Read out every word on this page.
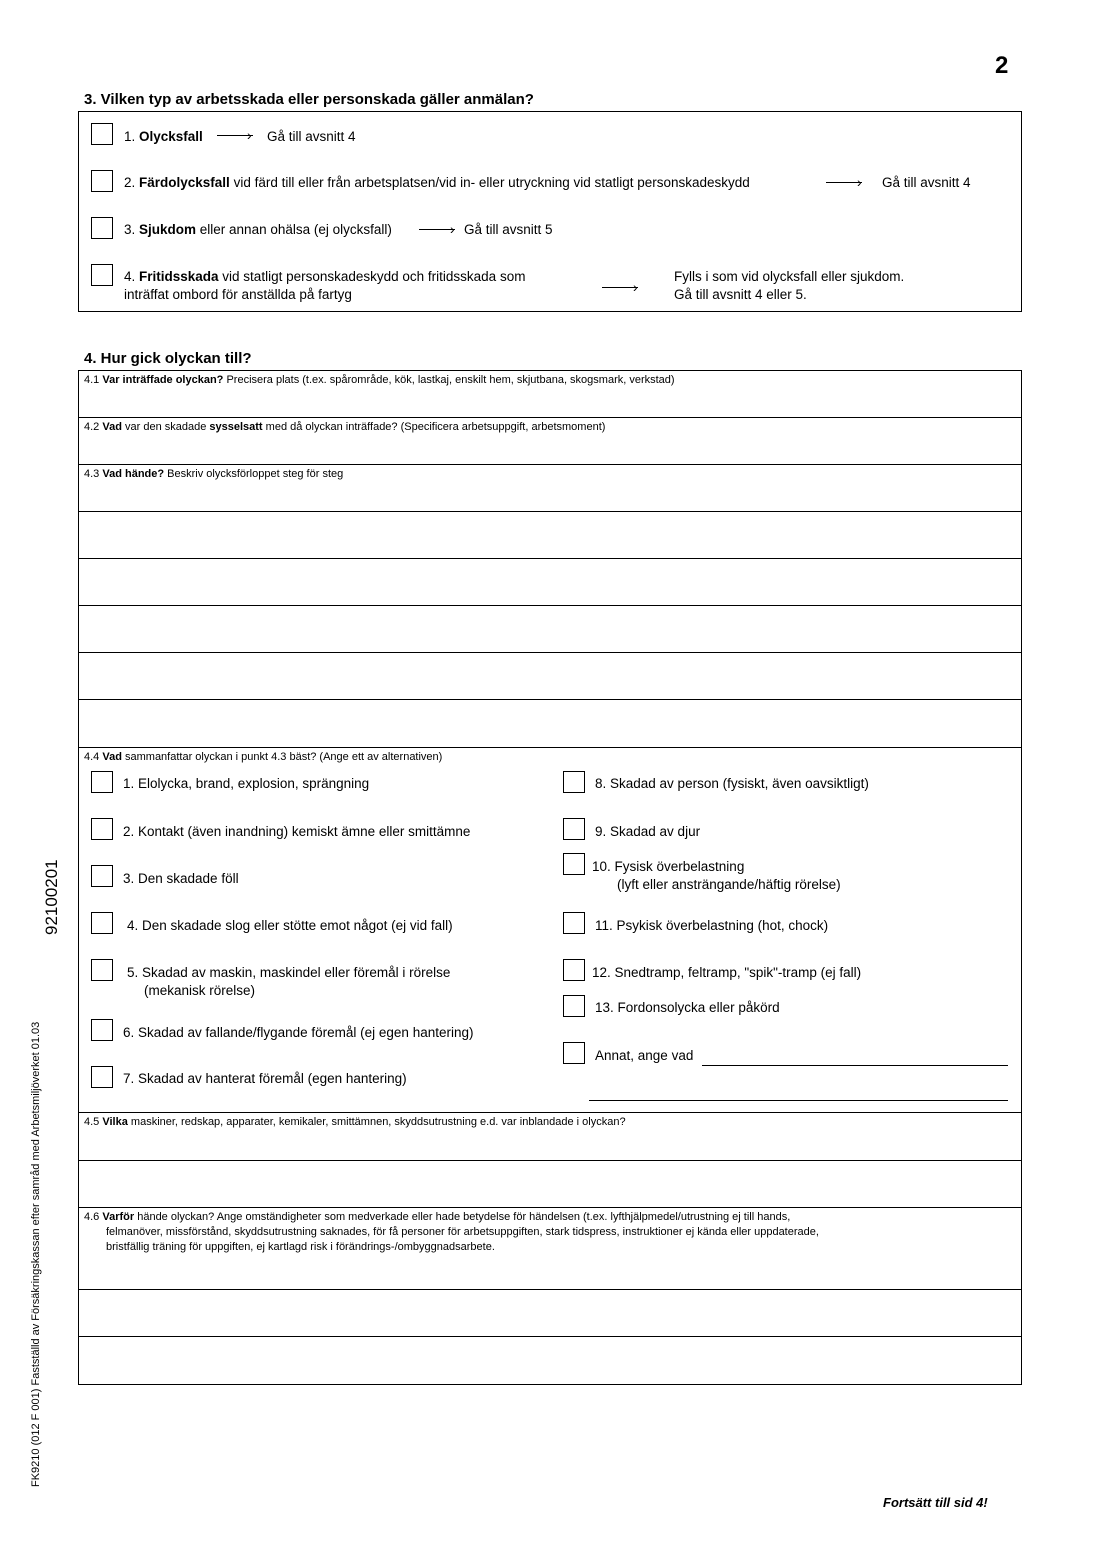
2
3. Vilken typ av arbetsskada eller personskada gäller anmälan?
1. Olycksfall	› Gå till avsnitt 4
2. Färdolycksfall vid färd till eller från arbetsplatsen/vid in- eller utryckning vid statligt personskadeskydd	› Gå till avsnitt 4
3. Sjukdom eller annan ohälsa (ej olycksfall)	› Gå till avsnitt 5
4. Fritidsskada vid statligt personskadeskydd och fritidsskada som
inträffat ombord för anställda på fartyg	›
Fylls i som vid olycksfall eller sjukdom.
Gå till avsnitt 4 eller 5.
4. Hur gick olyckan till?
4.1 Var inträffade olyckan? Precisera plats (t.ex. spårområde, kök, lastkaj, enskilt hem, skjutbana, skogsmark, verkstad)
4.2 Vad var den skadade sysselsatt med då olyckan inträffade? (Specificera arbetsuppgift, arbetsmoment)
4.3 Vad hände? Beskriv olycksförloppet steg för steg
4.4 Vad sammanfattar olyckan i punkt 4.3 bäst? (Ange ett av alternativen)
1. Elolycka, brand, explosion, sprängning
2. Kontakt (även inandning) kemiskt ämne eller smittämne
3. Den skadade föll
4. Den skadade slog eller stötte emot något (ej vid fall)
5. Skadad av maskin, maskindel eller föremål i rörelse
(mekanisk rörelse)
6. Skadad av fallande/flygande föremål (ej egen hantering)
7. Skadad av hanterat föremål (egen hantering)
8. Skadad av person (fysiskt, även oavsiktligt)
9. Skadad av djur
10. Fysisk överbelastning
(lyft eller ansträngande/häftig rörelse)
11. Psykisk överbelastning (hot, chock)
12. Snedtramp, feltramp, "spik"-tramp (ej fall)
13. Fordonsolycka eller påkörd
Annat, ange vad
4.5 Vilka maskiner, redskap, apparater, kemikaler, smittämnen, skyddsutrustning e.d. var inblandade i olyckan?
4.6 Varför hände olyckan? Ange omständigheter som medverkade eller hade betydelse för händelsen (t.ex. lyfthjälpmedel/utrustning ej till hands,
felmanöver, missförstånd, skyddsutrustning saknades, för få personer för arbetsuppgiften, stark tidspress, instruktioner ej kända eller uppdaterade,
bristfällig träning för uppgiften, ej kartlagd risk i förändrings-/ombyggnadsarbete.
FK9210 (012 F 001) Fastställd av Försäkringskassan efter samråd med Arbetsmiljöverket 01.03
92100201
Fortsätt till sid 4!
